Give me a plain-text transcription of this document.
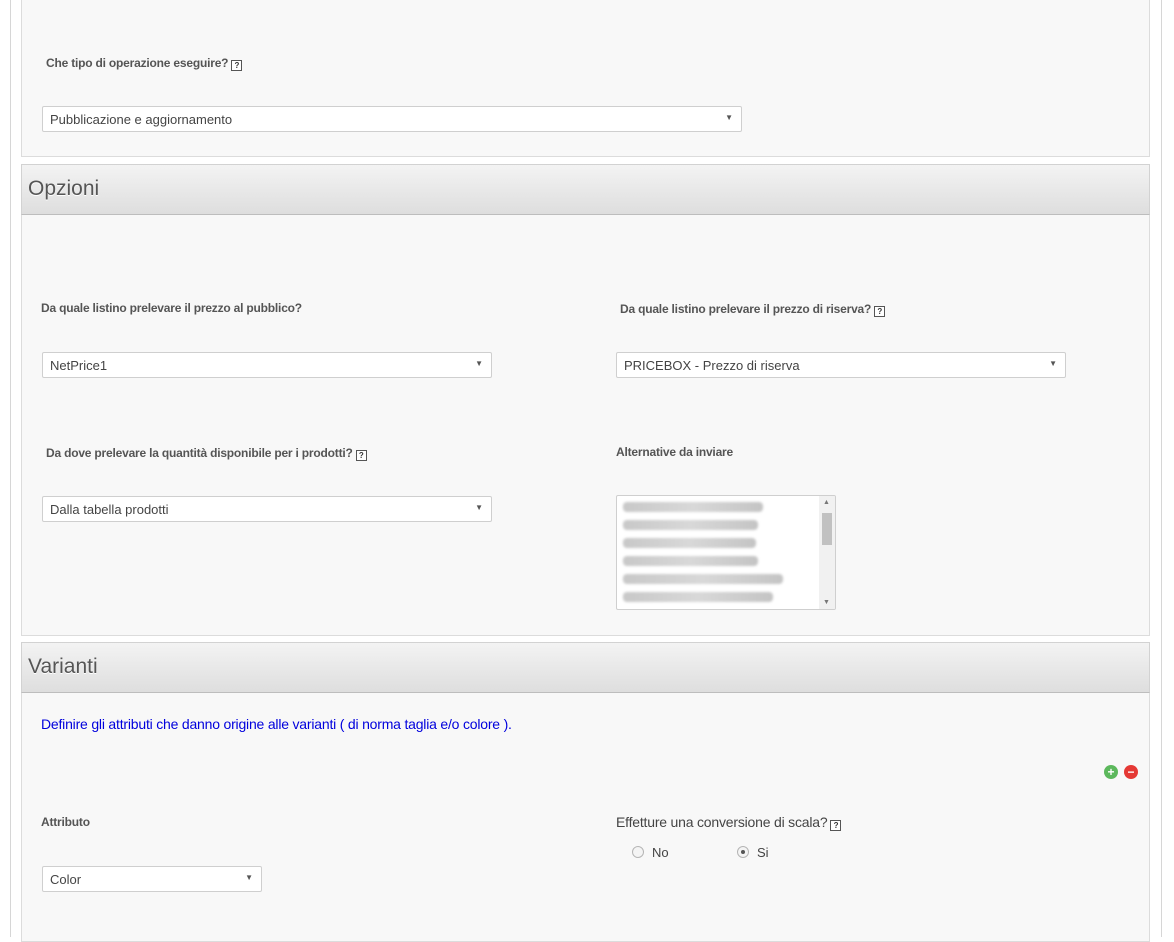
Che tipo di operazione eseguire? ?
Pubblicazione e aggiornamento	▼
Opzioni
Da quale listino prelevare il prezzo al pubblico?
NetPrice1	▼
Da quale listino prelevare il prezzo di riserva? ?
PRICEBOX - Prezzo di riserva	▼
Da dove prelevare la quantità disponibile per i prodotti? ?
Dalla tabella prodotti	▼
Alternative da inviare
▲
▼
Varianti
Definire gli attributi che danno origine alle varianti ( di norma taglia e/o colore ).
+ −
Attributo
Color	▼
Effetture una conversione di scala? ?
No	Si
